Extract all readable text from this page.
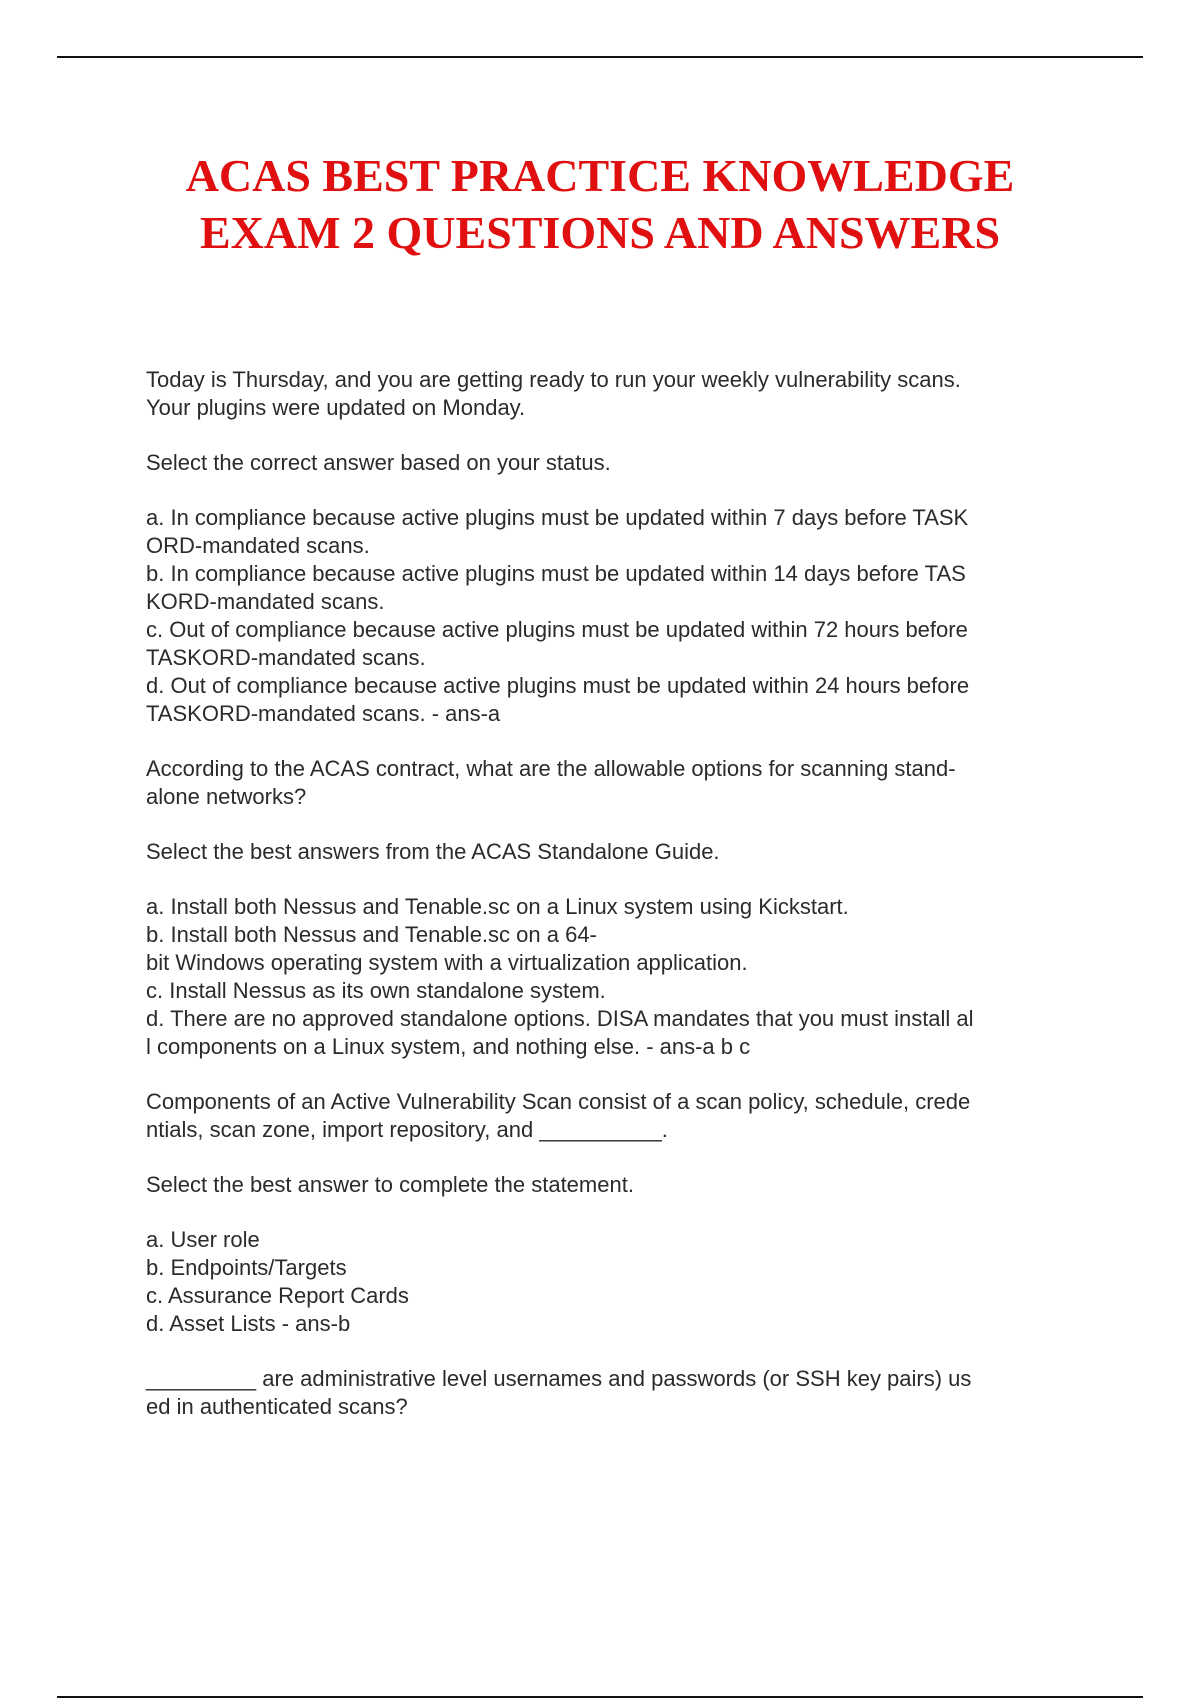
ACAS BEST PRACTICE KNOWLEDGE
EXAM 2 QUESTIONS AND ANSWERS

Today is Thursday, and you are getting ready to run your weekly vulnerability scans.
Your plugins were updated on Monday.

Select the correct answer based on your status.

a. In compliance because active plugins must be updated within 7 days before TASK
ORD-mandated scans.

b. In compliance because active plugins must be updated within 14 days before TAS
KORD-mandated scans.

c. Out of compliance because active plugins must be updated within 72 hours before
TASKORD-mandated scans.

d. Out of compliance because active plugins must be updated within 24 hours before
TASKORD-mandated scans. - ans-a

According to the ACAS contract, what are the allowable options for scanning stand-
alone networks?

Select the best answers from the ACAS Standalone Guide.

a. Install both Nessus and Tenable.sc on a Linux system using Kickstart.

b. Install both Nessus and Tenable.sc on a 64-
bit Windows operating system with a virtualization application.

c. Install Nessus as its own standalone system.

d. There are no approved standalone options. DISA mandates that you must install al
l components on a Linux system, and nothing else. - ans-a b c

Components of an Active Vulnerability Scan consist of a scan policy, schedule, crede
ntials, scan zone, import repository, and __________.

Select the best answer to complete the statement.

a. User role

b. Endpoints/Targets

c. Assurance Report Cards

d. Asset Lists - ans-b

_________ are administrative level usernames and passwords (or SSH key pairs) us
ed in authenticated scans?
